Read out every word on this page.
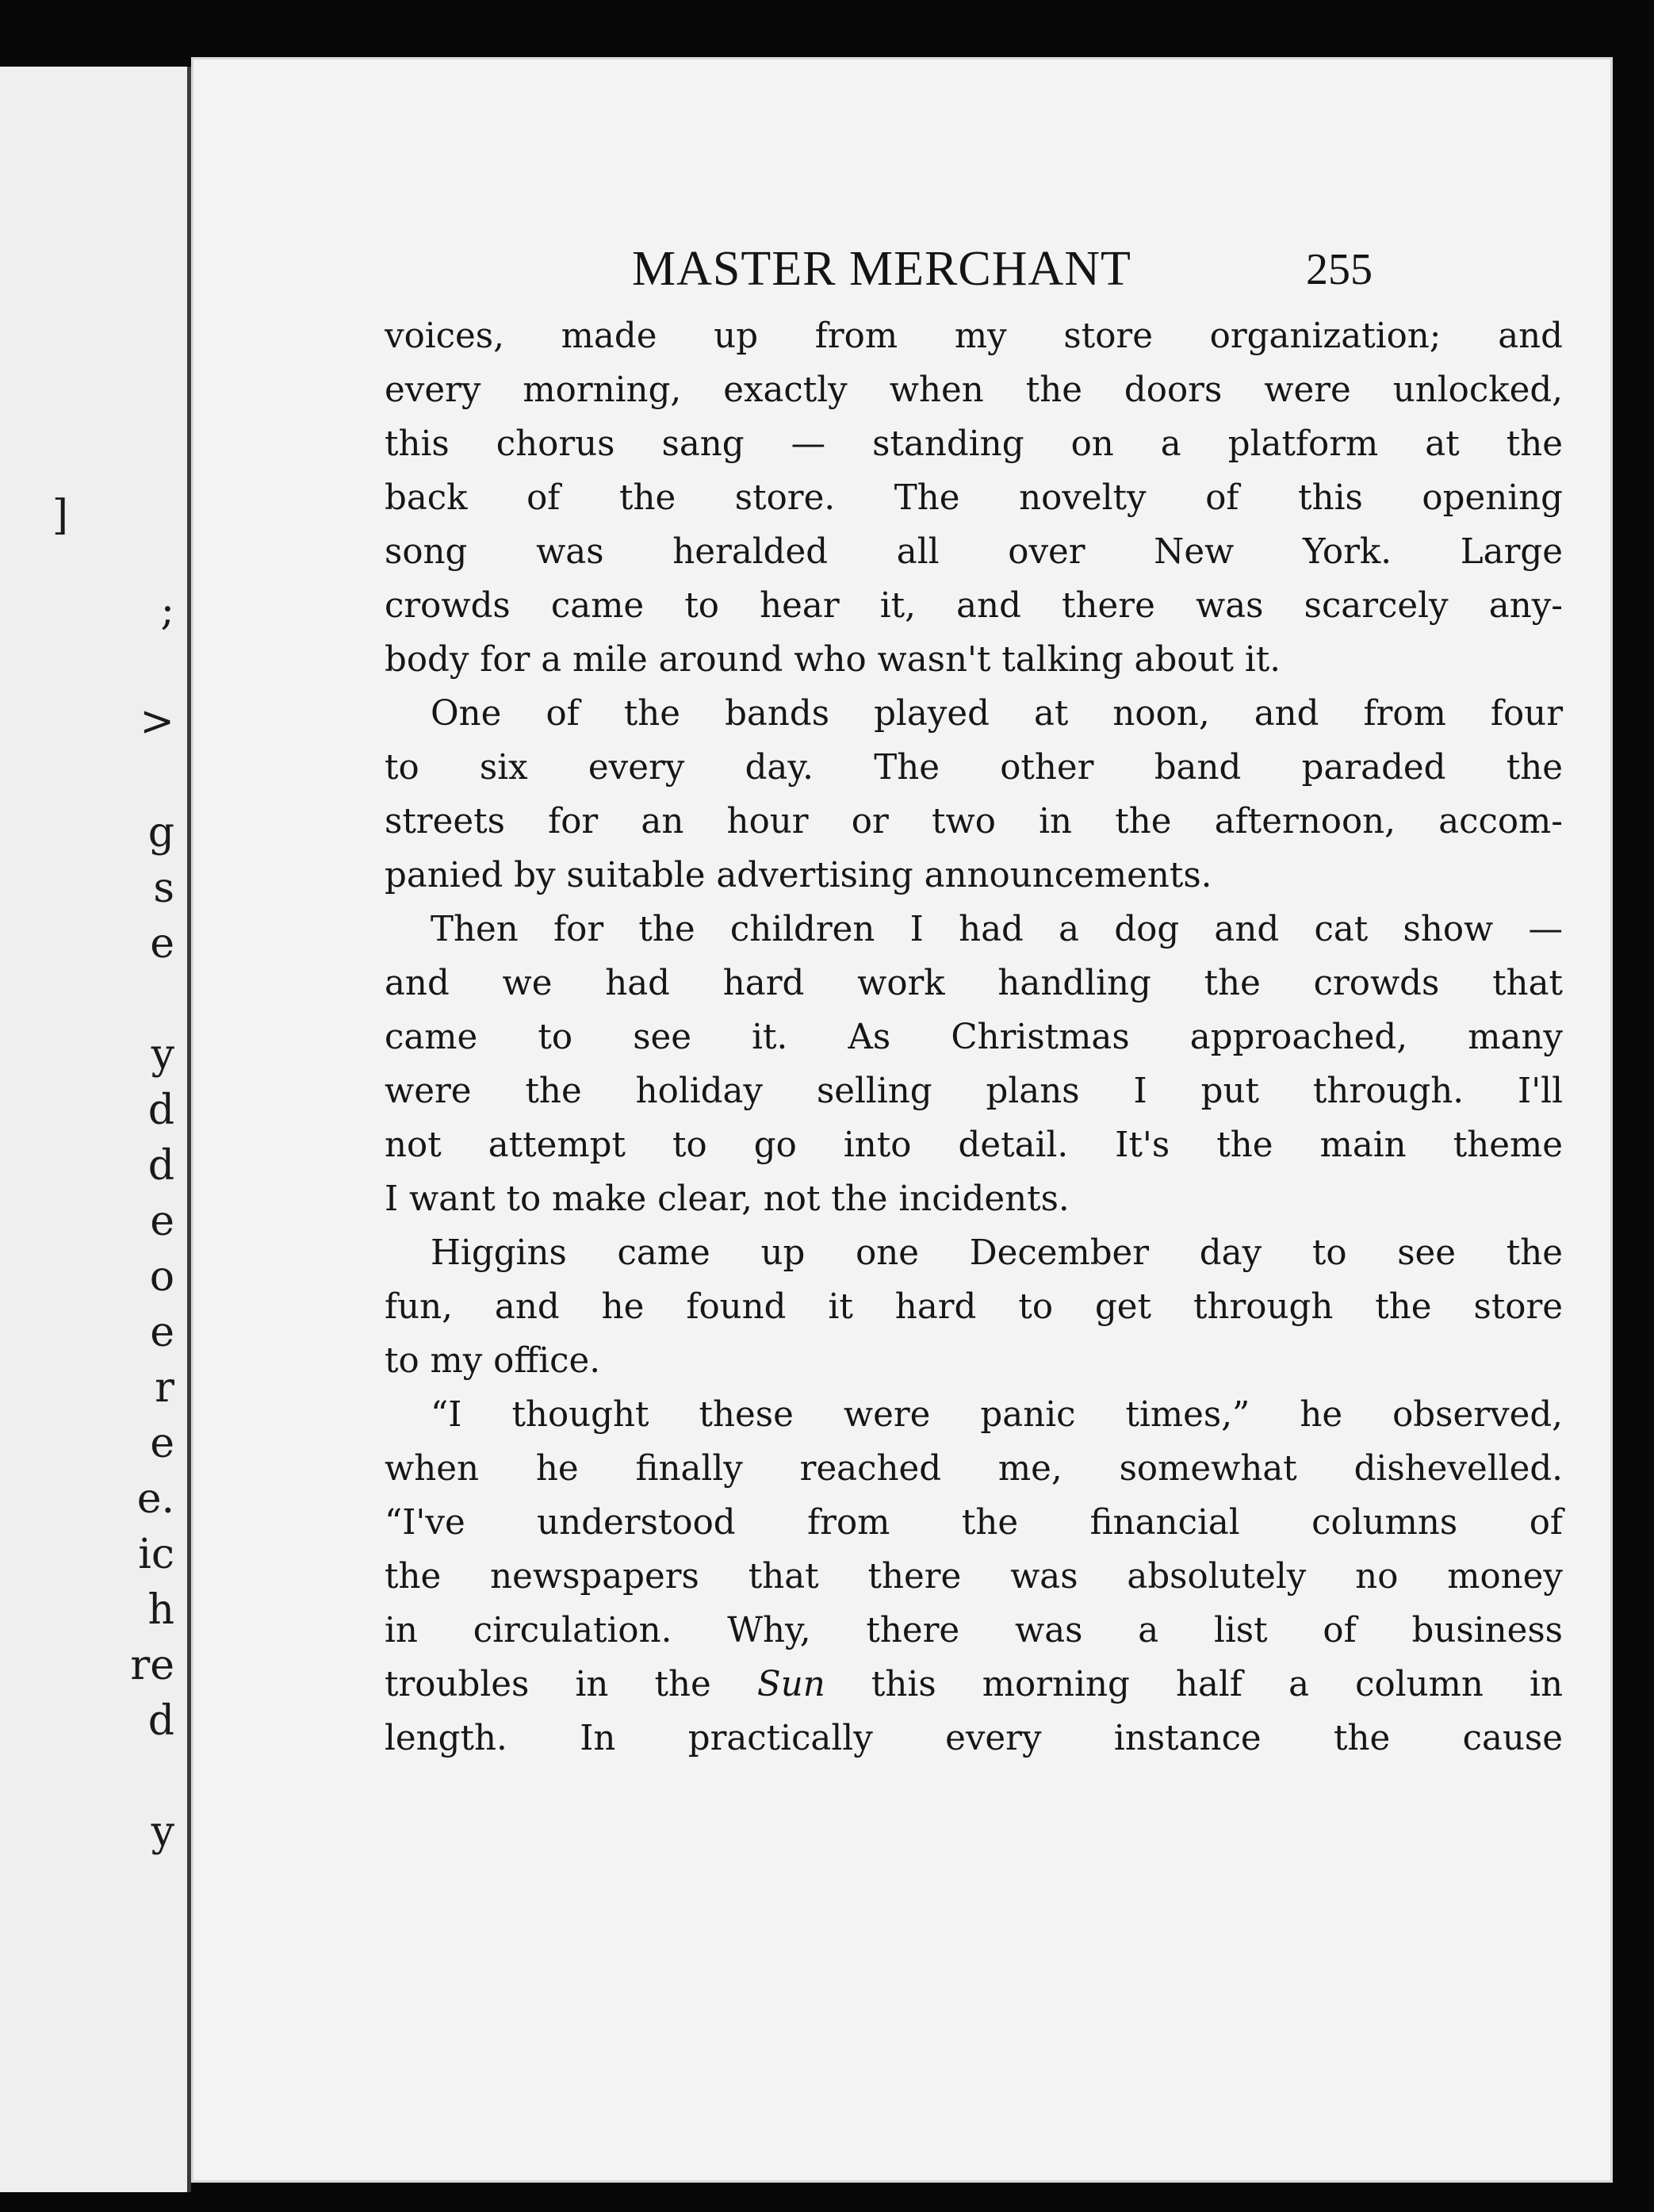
]
;
>
g
s
e
y
d
d
e
o
e
r
e
e.
ic
h
re
d
y
MASTER MERCHANT	255
voices, made up from my store organization; and
every morning, exactly when the doors were unlocked,
this chorus sang — standing on a platform at the
back of the store. The novelty of this opening
song was heralded all over New York. Large
crowds came to hear it, and there was scarcely any-
body for a mile around who wasn't talking about it.
One of the bands played at noon, and from four
to six every day. The other band paraded the
streets for an hour or two in the afternoon, accom-
panied by suitable advertising announcements.
Then for the children I had a dog and cat show —
and we had hard work handling the crowds that
came to see it. As Christmas approached, many
were the holiday selling plans I put through. I'll
not attempt to go into detail. It's the main theme
I want to make clear, not the incidents.
Higgins came up one December day to see the
fun, and he found it hard to get through the store
to my office.
“I thought these were panic times,” he observed,
when he finally reached me, somewhat dishevelled.
“I've understood from the financial columns of
the newspapers that there was absolutely no money
in circulation. Why, there was a list of business
troubles in the Sun this morning half a column in
length. In practically every instance the cause
